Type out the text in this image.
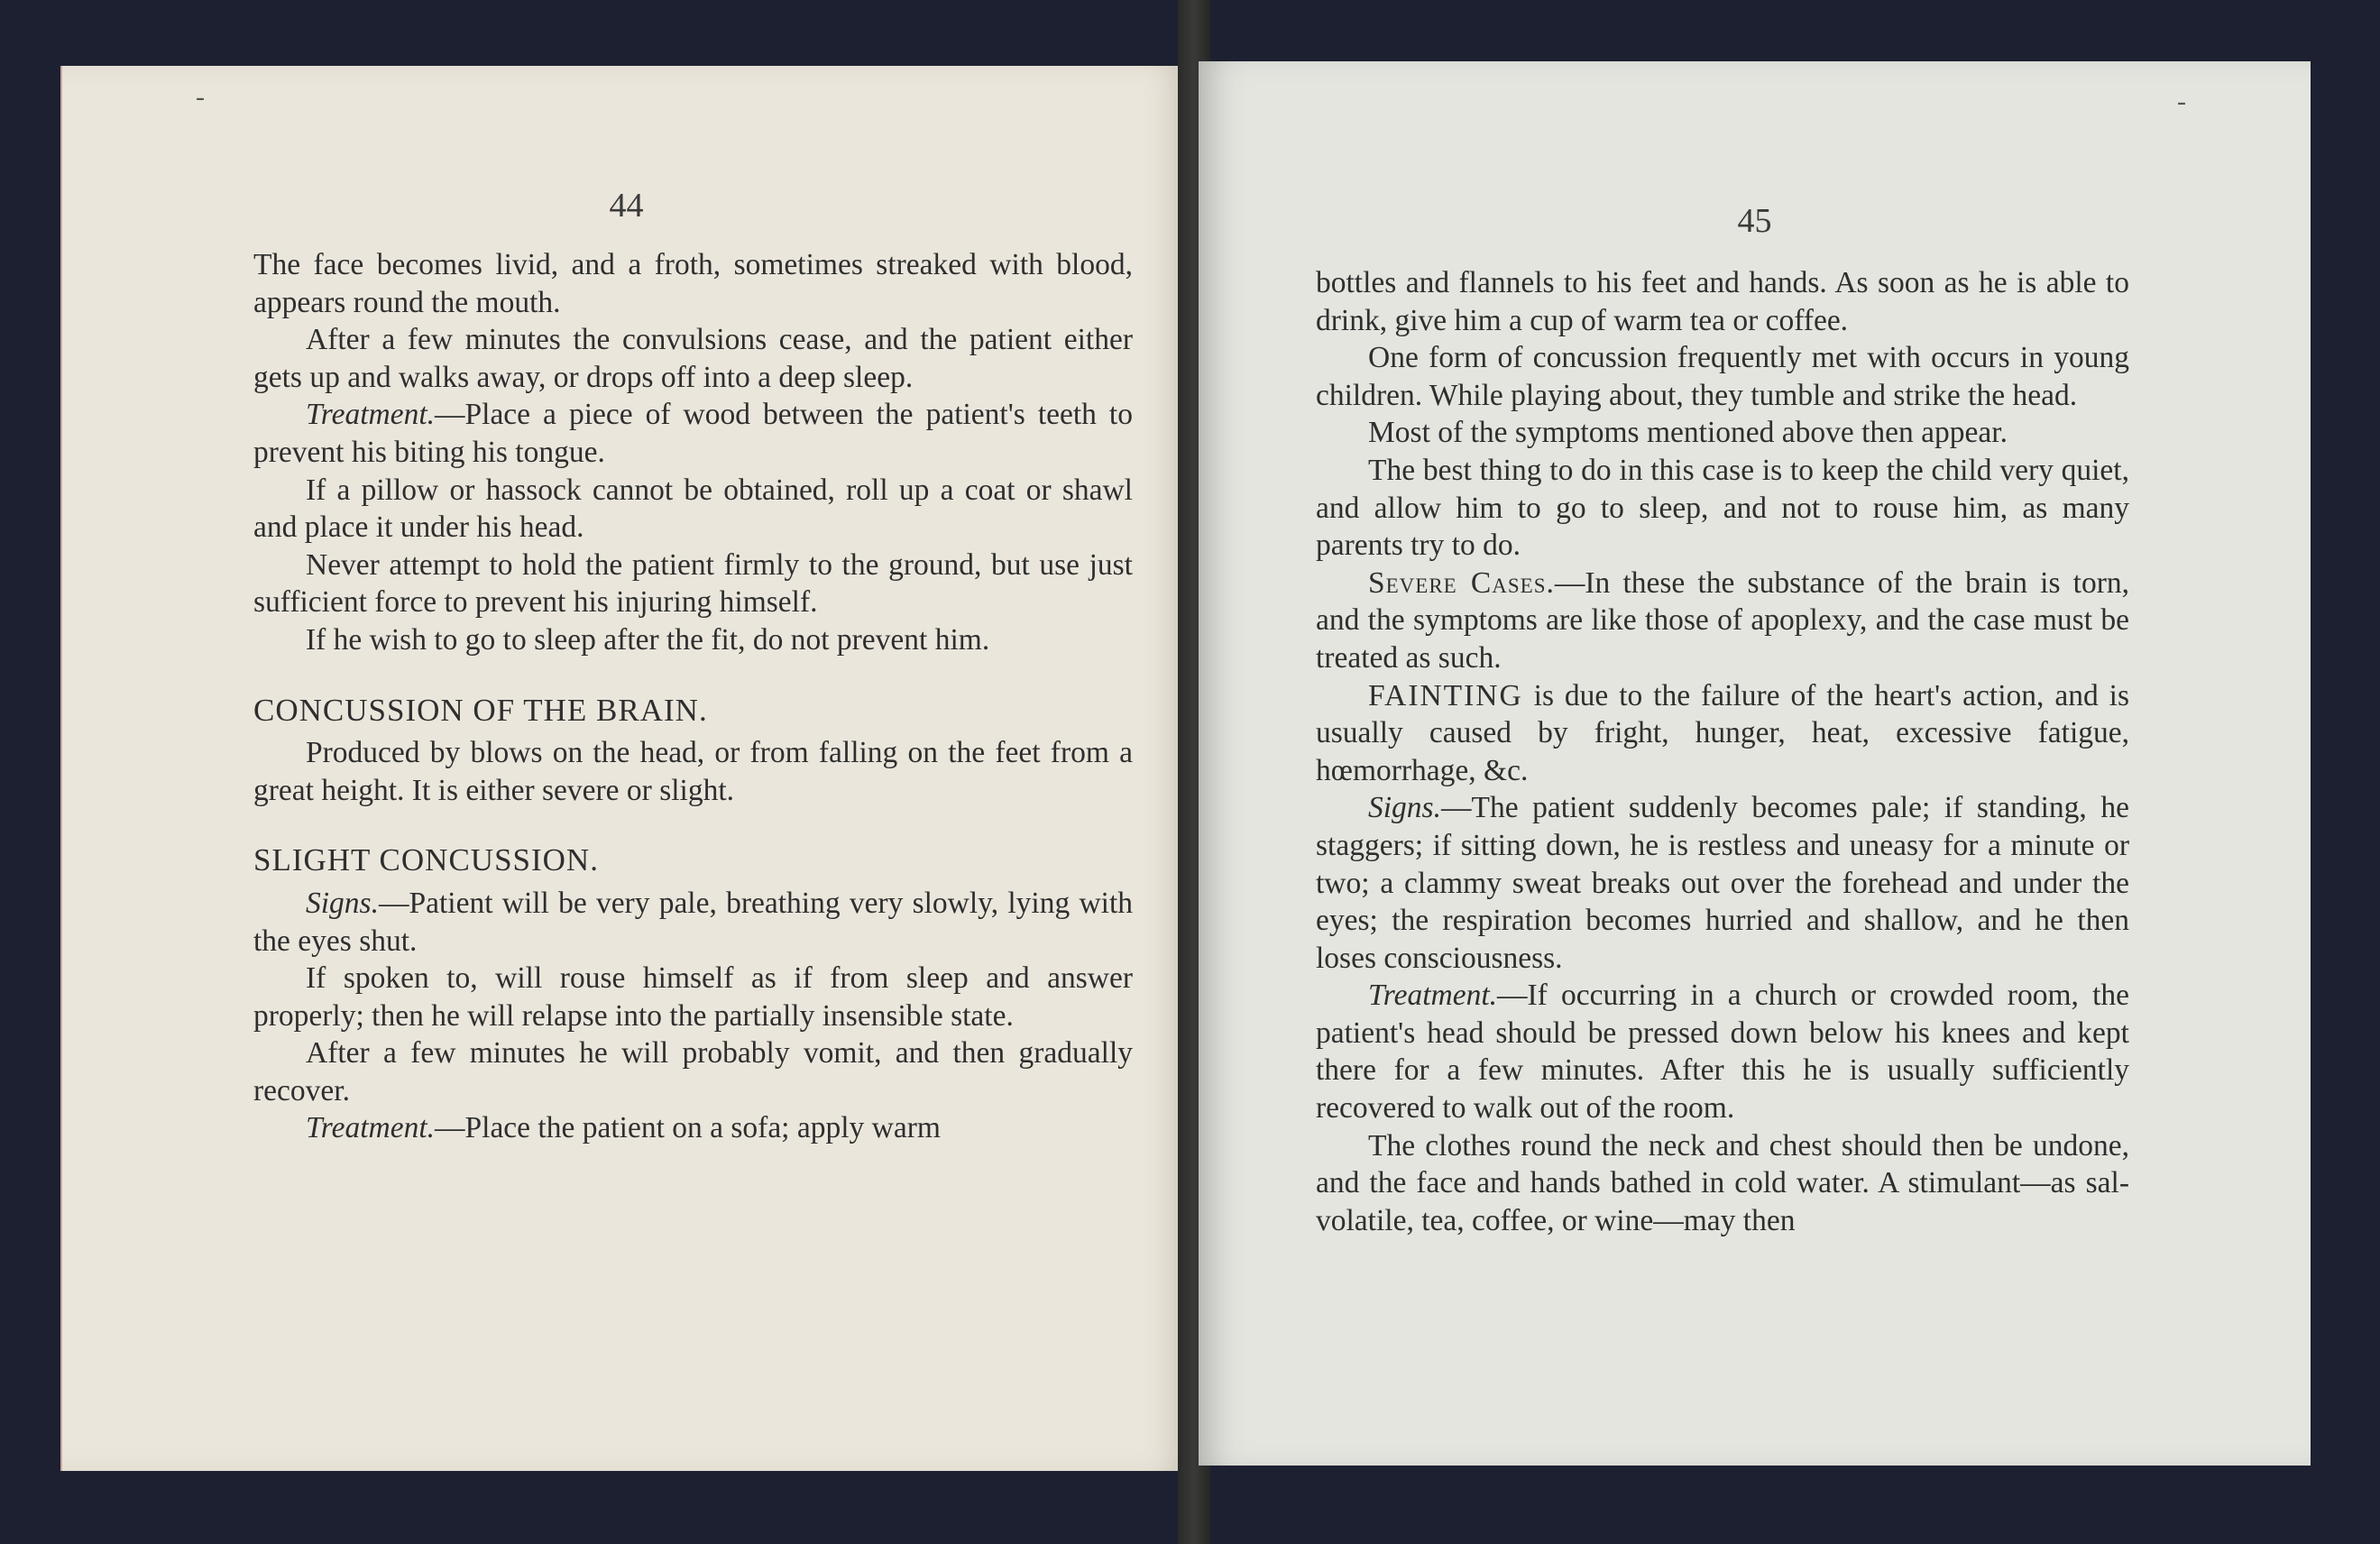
-
44

The face becomes livid, and a froth, sometimes streaked with blood, appears round the mouth.

After a few minutes the convulsions cease, and the patient either gets up and walks away, or drops off into a deep sleep.

Treatment.—Place a piece of wood between the patient's teeth to prevent his biting his tongue.

If a pillow or hassock cannot be obtained, roll up a coat or shawl and place it under his head.

Never attempt to hold the patient firmly to the ground, but use just sufficient force to prevent his injuring himself.

If he wish to go to sleep after the fit, do not prevent him.

CONCUSSION OF THE BRAIN.

Produced by blows on the head, or from falling on the feet from a great height. It is either severe or slight.

SLIGHT CONCUSSION.

Signs.—Patient will be very pale, breathing very slowly, lying with the eyes shut.

If spoken to, will rouse himself as if from sleep and answer properly; then he will relapse into the partially insensible state.

After a few minutes he will probably vomit, and then gradually recover.

Treatment.—Place the patient on a sofa; apply warm

-
45

bottles and flannels to his feet and hands. As soon as he is able to drink, give him a cup of warm tea or coffee.

One form of concussion frequently met with occurs in young children. While playing about, they tumble and strike the head.

Most of the symptoms mentioned above then appear.

The best thing to do in this case is to keep the child very quiet, and allow him to go to sleep, and not to rouse him, as many parents try to do.

Severe Cases.—In these the substance of the brain is torn, and the symptoms are like those of apoplexy, and the case must be treated as such.

FAINTING is due to the failure of the heart's action, and is usually caused by fright, hunger, heat, excessive fatigue, hœmorrhage, &c.

Signs.—The patient suddenly becomes pale; if standing, he staggers; if sitting down, he is restless and uneasy for a minute or two; a clammy sweat breaks out over the forehead and under the eyes; the respiration becomes hurried and shallow, and he then loses consciousness.

Treatment.—If occurring in a church or crowded room, the patient's head should be pressed down below his knees and kept there for a few minutes. After this he is usually sufficiently recovered to walk out of the room.

The clothes round the neck and chest should then be undone, and the face and hands bathed in cold water. A stimulant—as sal-volatile, tea, coffee, or wine—may then
